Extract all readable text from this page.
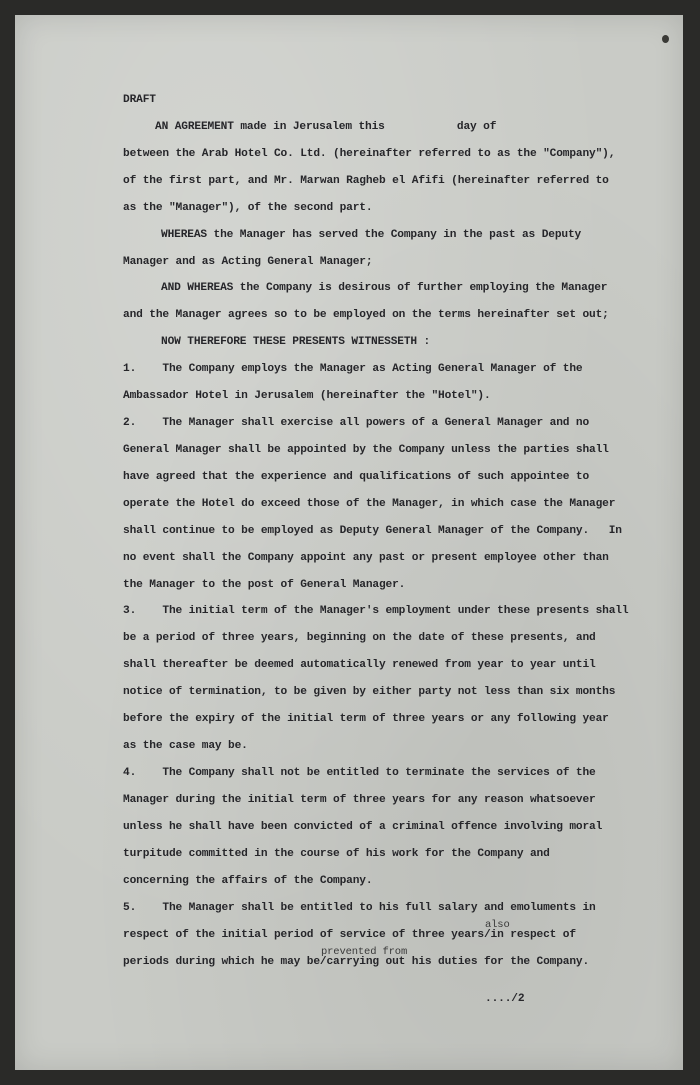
DRAFT
AN AGREEMENT made in Jerusalem this           day of
between the Arab Hotel Co. Ltd. (hereinafter referred to as the "Company"),
of the first part, and Mr. Marwan Ragheb el Afifi (hereinafter referred to
as the "Manager"), of the second part.
WHEREAS the Manager has served the Company in the past as Deputy
Manager and as Acting General Manager;
AND WHEREAS the Company is desirous of further employing the Manager
and the Manager agrees so to be employed on the terms hereinafter set out;
NOW THEREFORE THESE PRESENTS WITNESSETH :
1.    The Company employs the Manager as Acting General Manager of the
Ambassador Hotel in Jerusalem (hereinafter the "Hotel").
2.    The Manager shall exercise all powers of a General Manager and no
General Manager shall be appointed by the Company unless the parties shall
have agreed that the experience and qualifications of such appointee to
operate the Hotel do exceed those of the Manager, in which case the Manager
shall continue to be employed as Deputy General Manager of the Company.   In
no event shall the Company appoint any past or present employee other than
the Manager to the post of General Manager.
3.    The initial term of the Manager's employment under these presents shall
be a period of three years, beginning on the date of these presents, and
shall thereafter be deemed automatically renewed from year to year until
notice of termination, to be given by either party not less than six months
before the expiry of the initial term of three years or any following year
as the case may be.
4.    The Company shall not be entitled to terminate the services of the
Manager during the initial term of three years for any reason whatsoever
unless he shall have been convicted of a criminal offence involving moral
turpitude committed in the course of his work for the Company and
concerning the affairs of the Company.
5.    The Manager shall be entitled to his full salary and emoluments in
also
respect of the initial period of service of three years/in respect of
prevented from
periods during which he may be/carrying out his duties for the Company.
..../2
